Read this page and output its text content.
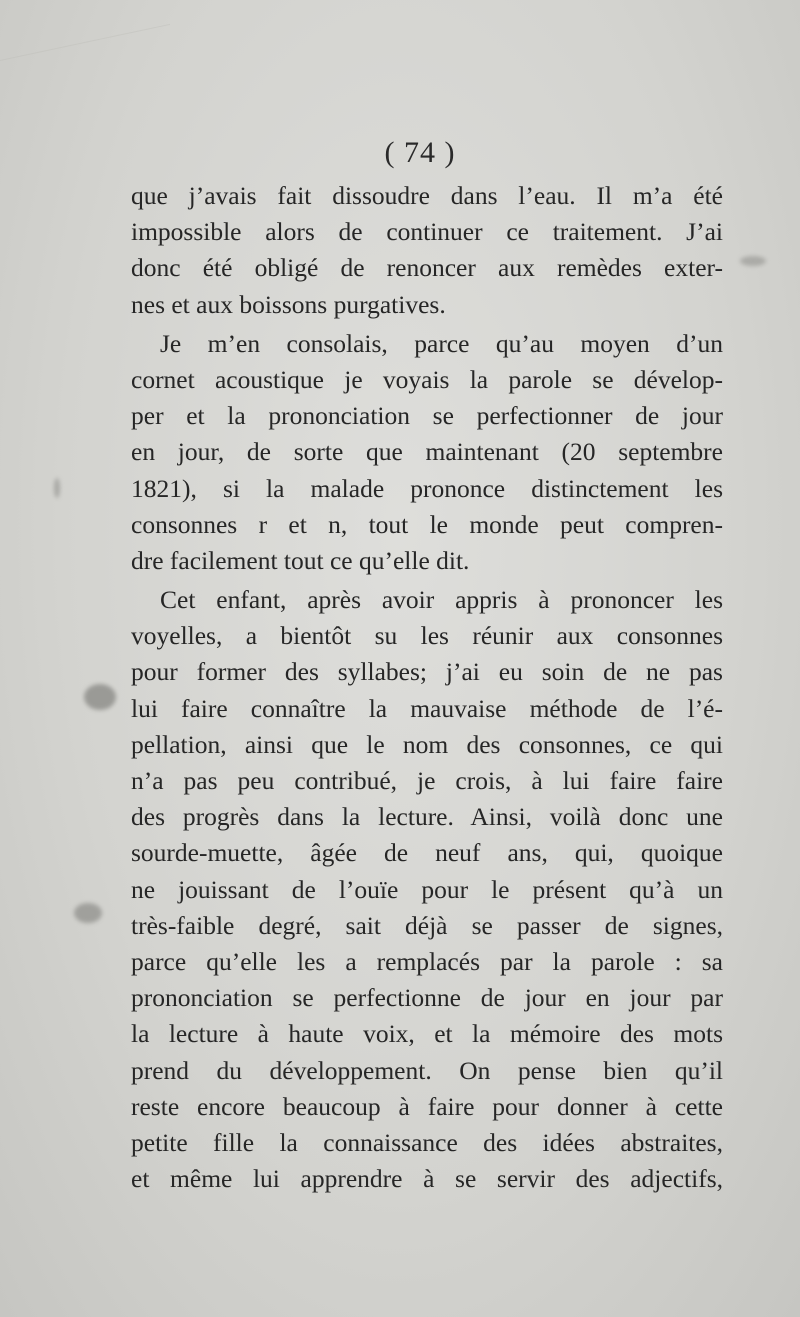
( 74 )
que j’avais fait dissoudre dans l’eau. Il m’a été
impossible alors de continuer ce traitement. J’ai
donc été obligé de renoncer aux remèdes exter-
nes et aux boissons purgatives.
Je m’en consolais, parce qu’au moyen d’un
cornet acoustique je voyais la parole se dévelop-
per et la prononciation se perfectionner de jour
en jour, de sorte que maintenant (20 septembre
1821), si la malade prononce distinctement les
consonnes r et n, tout le monde peut compren-
dre facilement tout ce qu’elle dit.
Cet enfant, après avoir appris à prononcer les
voyelles, a bientôt su les réunir aux consonnes
pour former des syllabes; j’ai eu soin de ne pas
lui faire connaître la mauvaise méthode de l’é-
pellation, ainsi que le nom des consonnes, ce qui
n’a pas peu contribué, je crois, à lui faire faire
des progrès dans la lecture. Ainsi, voilà donc une
sourde-muette, âgée de neuf ans, qui, quoique
ne jouissant de l’ouïe pour le présent qu’à un
très-faible degré, sait déjà se passer de signes,
parce qu’elle les a remplacés par la parole : sa
prononciation se perfectionne de jour en jour par
la lecture à haute voix, et la mémoire des mots
prend du développement. On pense bien qu’il
reste encore beaucoup à faire pour donner à cette
petite fille la connaissance des idées abstraites,
et même lui apprendre à se servir des adjectifs,
